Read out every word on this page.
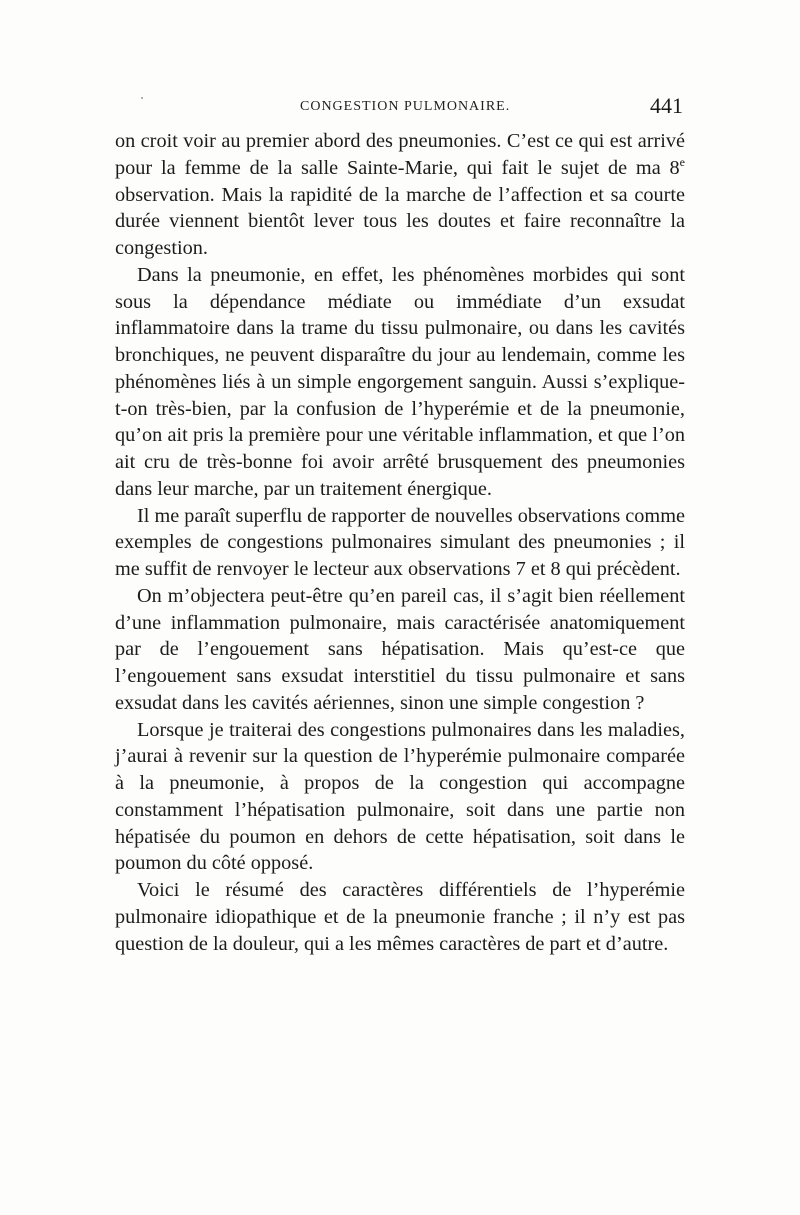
CONGESTION PULMONAIRE.	441

on croit voir au premier abord des pneumonies. C’est ce qui est arrivé pour la femme de la salle Sainte-Marie, qui fait le sujet de ma 8e observation. Mais la rapidité de la marche de l’affection et sa courte durée viennent bientôt lever tous les doutes et faire reconnaître la congestion.

Dans la pneumonie, en effet, les phénomènes morbides qui sont sous la dépendance médiate ou immédiate d’un exsudat inflammatoire dans la trame du tissu pulmonaire, ou dans les cavités bronchiques, ne peuvent disparaître du jour au lendemain, comme les phénomènes liés à un simple engorgement sanguin. Aussi s’explique-t-on très-bien, par la confusion de l’hyperémie et de la pneumonie, qu’on ait pris la première pour une véritable inflammation, et que l’on ait cru de très-bonne foi avoir arrêté brusquement des pneumonies dans leur marche, par un traitement énergique.

Il me paraît superflu de rapporter de nouvelles observations comme exemples de congestions pulmonaires simulant des pneumonies ; il me suffit de renvoyer le lecteur aux observations 7 et 8 qui précèdent.

On m’objectera peut-être qu’en pareil cas, il s’agit bien réellement d’une inflammation pulmonaire, mais caractérisée anatomiquement par de l’engouement sans hépatisation. Mais qu’est-ce que l’engouement sans exsudat interstitiel du tissu pulmonaire et sans exsudat dans les cavités aériennes, sinon une simple congestion ?

Lorsque je traiterai des congestions pulmonaires dans les maladies, j’aurai à revenir sur la question de l’hyperémie pulmonaire comparée à la pneumonie, à propos de la congestion qui accompagne constamment l’hépatisation pulmonaire, soit dans une partie non hépatisée du poumon en dehors de cette hépatisation, soit dans le poumon du côté opposé.

Voici le résumé des caractères différentiels de l’hyperémie pulmonaire idiopathique et de la pneumonie franche ; il n’y est pas question de la douleur, qui a les mêmes caractères de part et d’autre.
